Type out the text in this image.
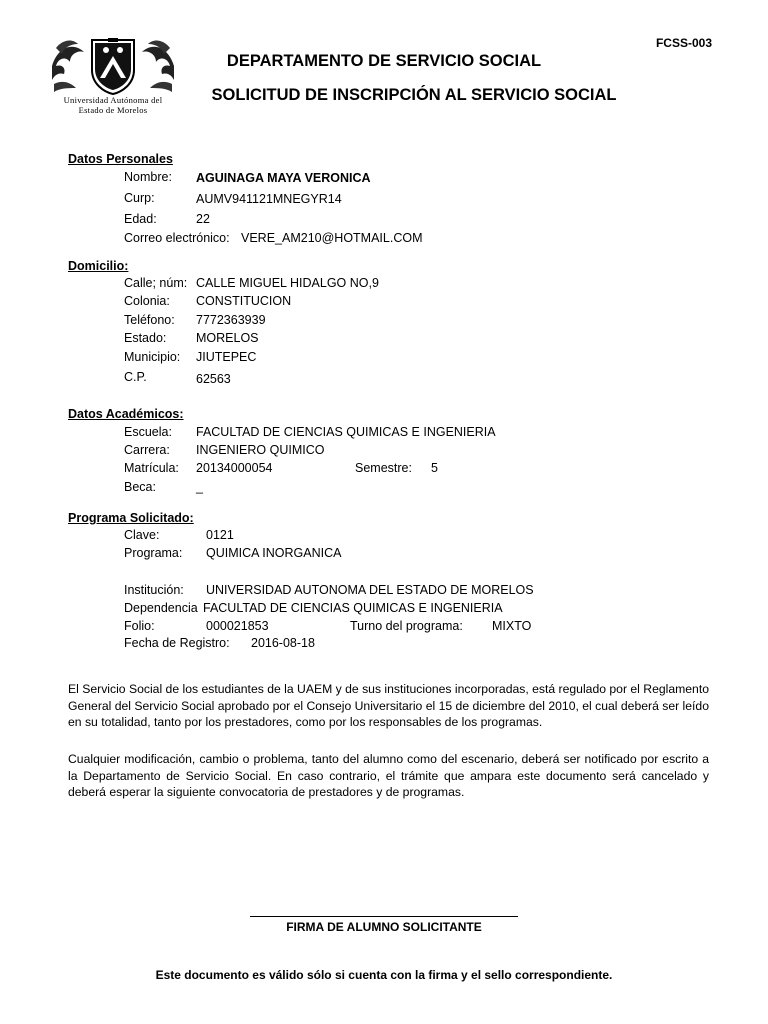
Universidad Autónoma del
Estado de Morelos
FCSS-003
DEPARTAMENTO DE SERVICIO SOCIAL
SOLICITUD DE INSCRIPCIÓN AL SERVICIO SOCIAL
Datos Personales
Nombre: AGUINAGA MAYA VERONICA
Curp:	AUMV941121MNEGYR14
Edad:	22
Correo electrónico: VERE_AM210@HOTMAIL.COM
Domicilio:
Calle; núm: CALLE MIGUEL HIDALGO NO,9
Colonia: CONSTITUCION
Teléfono: 7772363939
Estado: MORELOS
Municipio: JIUTEPEC
C.P.	62563
Datos Académicos:
Escuela: FACULTAD DE CIENCIAS QUIMICAS E INGENIERIA
Carrera: INGENIERO QUIMICO
Matrícula: 20134000054	Semestre: 5
Beca:	_
Programa Solicitado:
Clave:	0121
Programa: QUIMICA INORGANICA
Institución: UNIVERSIDAD AUTONOMA DEL ESTADO DE MORELOS
Dependencia FACULTAD DE CIENCIAS QUIMICAS E INGENIERIA
Folio:	000021853	Turno del programa: MIXTO
Fecha de Registro: 2016-08-18
El Servicio Social de los estudiantes de la UAEM y de sus instituciones incorporadas, está regulado por el Reglamento General del Servicio Social aprobado por el Consejo Universitario el 15 de diciembre del 2010, el cual deberá ser leído en su totalidad, tanto por los prestadores, como por los responsables de los programas.
Cualquier modificación, cambio o problema, tanto del alumno como del escenario, deberá ser notificado por escrito a la Departamento de Servicio Social. En caso contrario, el trámite que ampara este documento será cancelado y deberá esperar la siguiente convocatoria de prestadores y de programas.
FIRMA DE ALUMNO SOLICITANTE
Este documento es válido sólo si cuenta con la firma y el sello correspondiente.
